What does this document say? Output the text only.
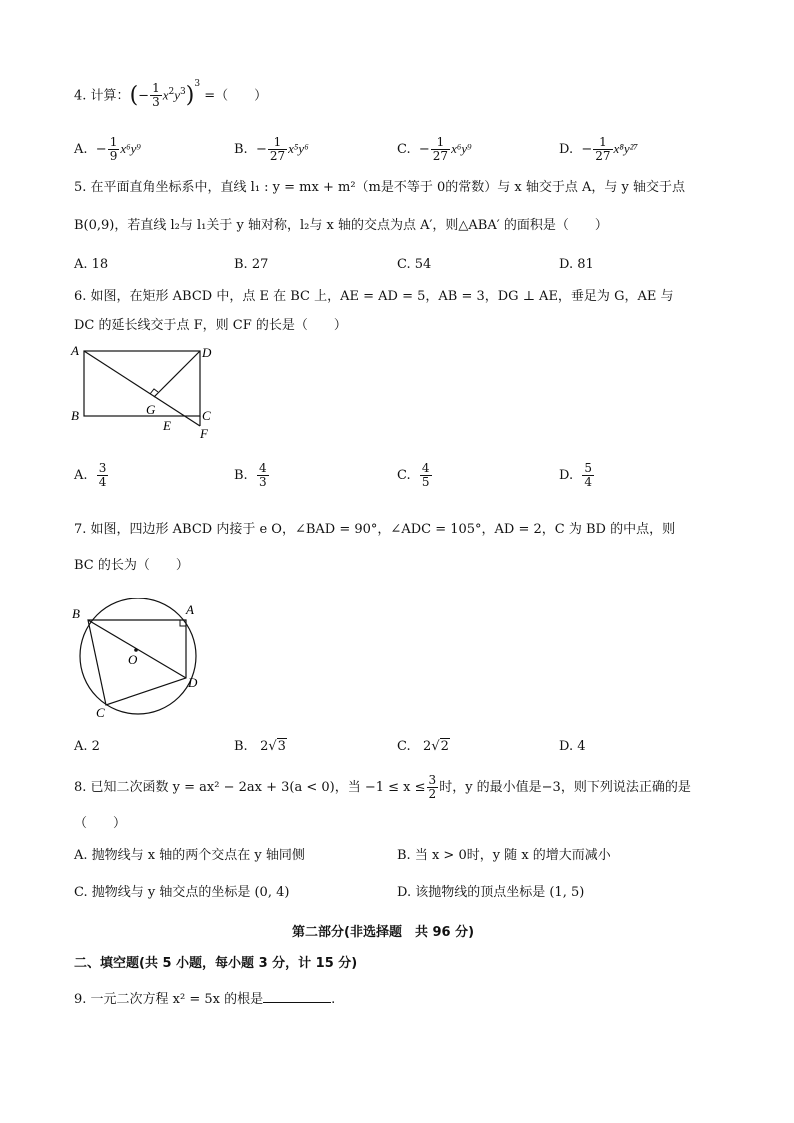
4. 计算：(− $\frac{1}{3} x^2y^3)^3$ =（　　）
A.  − $\frac{1}{9} x^6y^9$	B.  − $\frac{1}{27} x^5y^6$	C.  − $\frac{1}{27} x^6y^9$	D.  − $\frac{1}{27} x^8y^{27}$
5. 在平面直角坐标系中，直线 l₁ : y = mx + m²（m是不等于 0的常数）与 x 轴交于点 A，与 y 轴交于点
B(0,9)，若直线 l₂与 l₁关于 y 轴对称，l₂与 x 轴的交点为点 A′，则△ABA′ 的面积是（　　）
A. 18	B. 27	C. 54	D. 81
6. 如图，在矩形 ABCD 中，点 E 在 BC 上，AE = AD = 5，AB = 3，DG ⊥ AE，垂足为 G，AE 与
DC 的延长线交于点 F，则 CF 的长是（　　）
A	D
B	C
G
E
F
A. $\frac{3}{4}$	B. $\frac{4}{3}$	C. $\frac{4}{5}$	D. $\frac{5}{4}$
7. 如图，四边形 ABCD 内接于 e O，∠BAD = 90°，∠ADC = 105°，AD = 2，C 为 BD 的中点，则
BC 的长为（　　）
B	A
O
D
C
A. 2	B. 2√3	C. 2√2	D. 4
8. 已知二次函数 y = ax² − 2ax + 3(a < 0)，当 $-1 \le x \le \frac{3}{2}$ 时，y 的最小值是−3，则下列说法正确的是
（　　）
A. 抛物线与 x 轴的两个交点在 y 轴同侧	B. 当 x > 0时，y 随 x 的增大而减小
C. 抛物线与 y 轴交点的坐标是 (0, 4)	D. 该抛物线的顶点坐标是 (1, 5)
第二部分(非选择题　共 96 分)
二、填空题(共 5 小题，每小题 3 分，计 15 分)
9. 一元二次方程 x² = 5x 的根是	.
